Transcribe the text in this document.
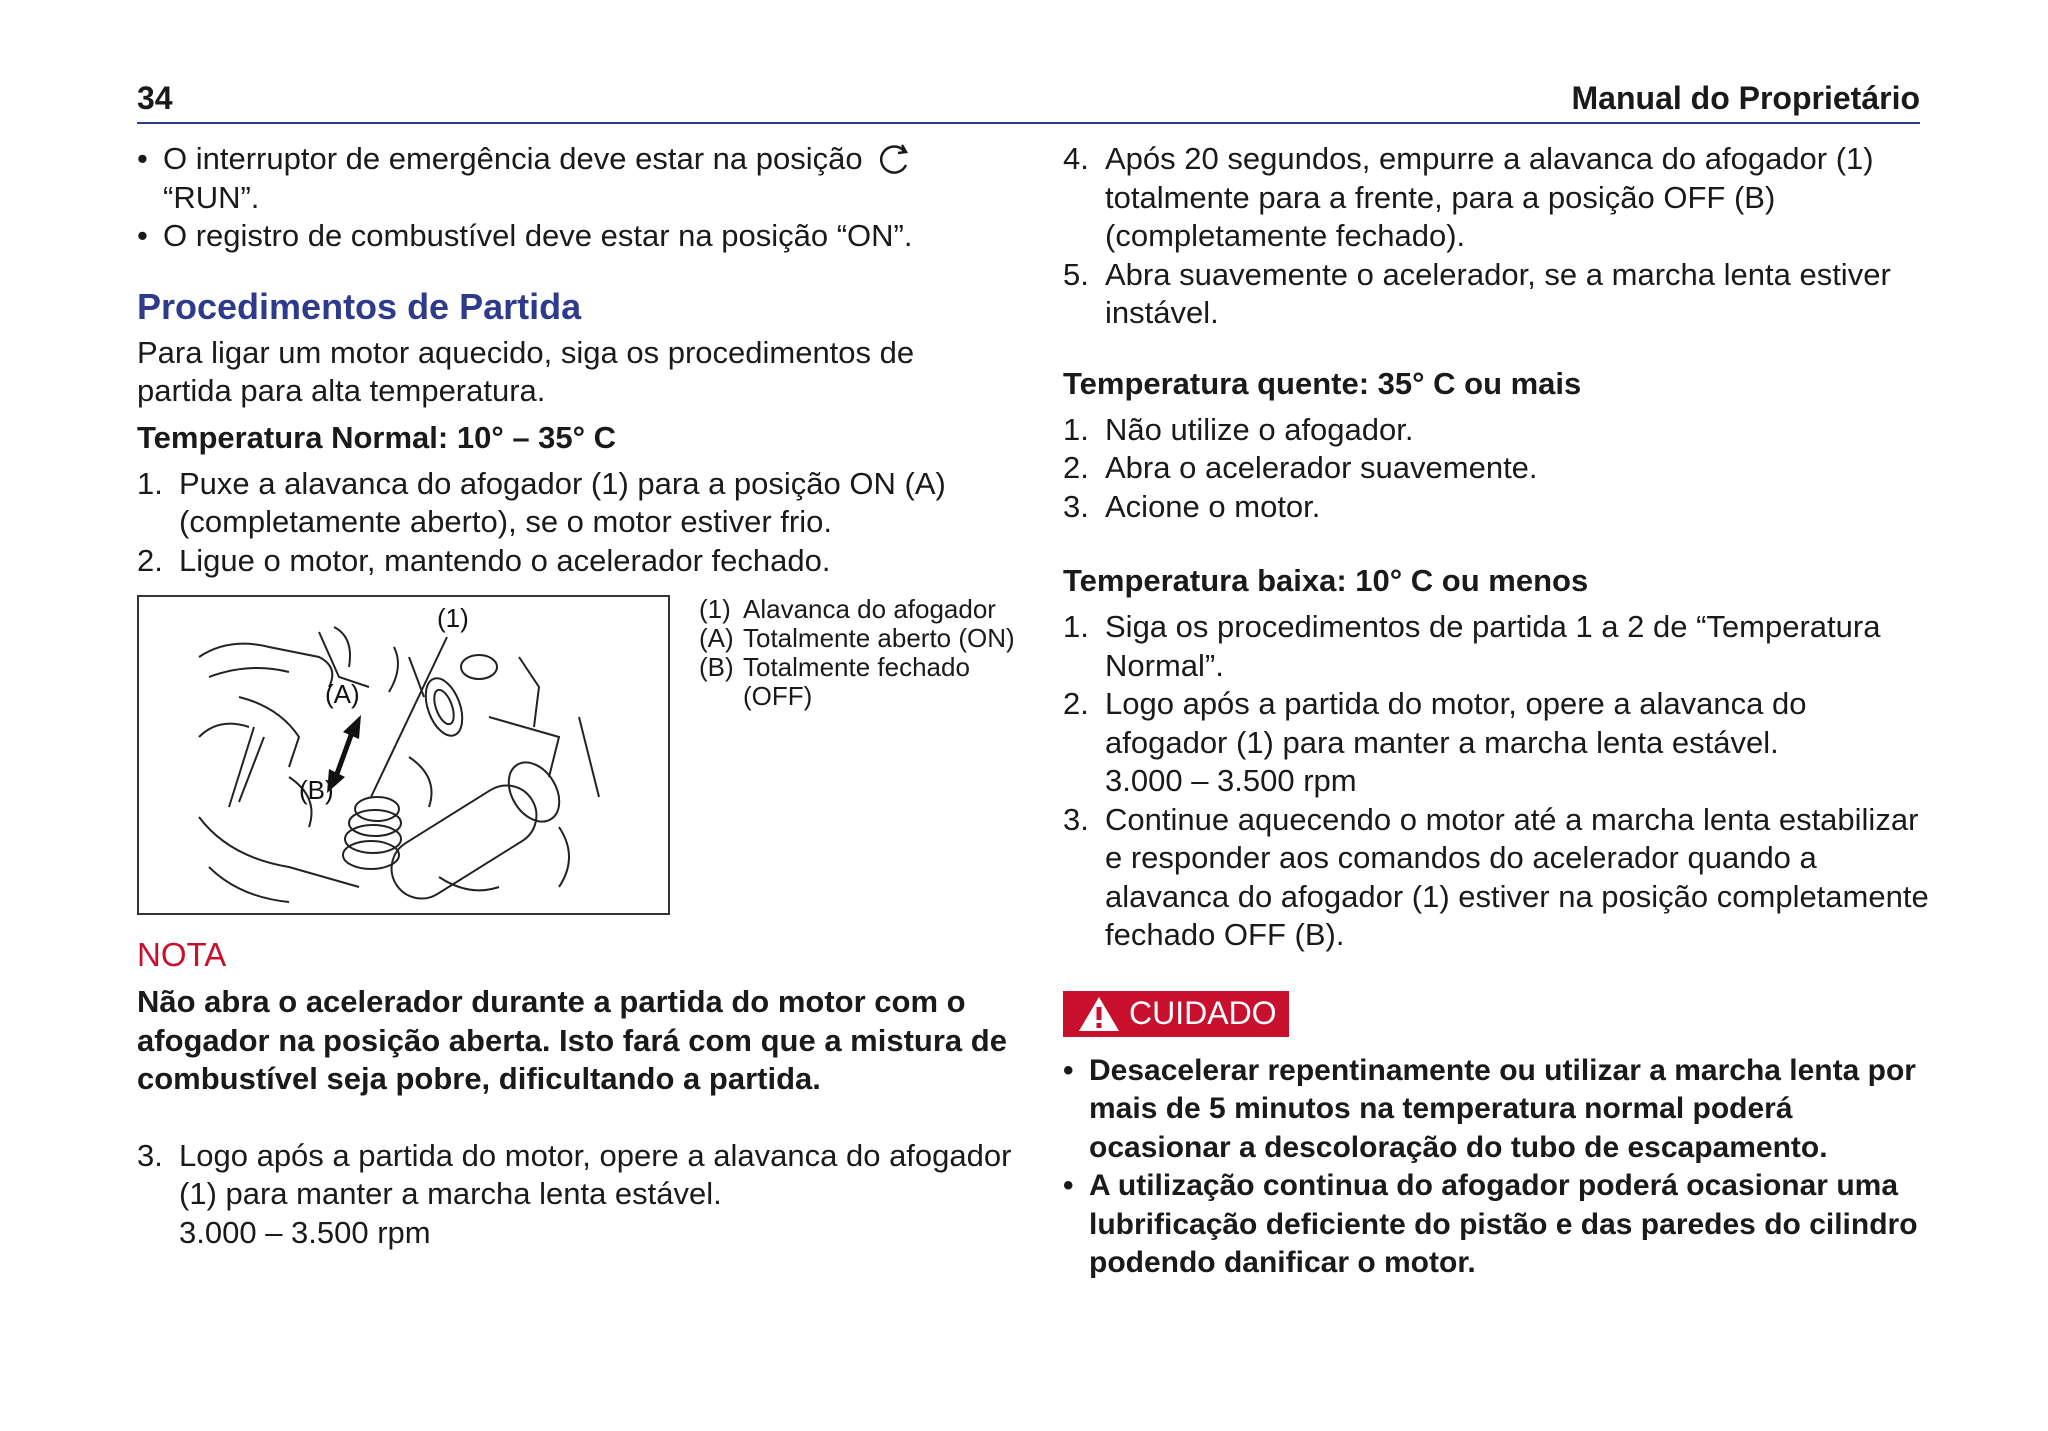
34	Manual do Proprietário
• O interruptor de emergência deve estar na posição
“RUN”.
• O registro de combustível deve estar na posição “ON”.
Procedimentos de Partida
Para ligar um motor aquecido, siga os procedimentos de partida para alta temperatura.
Temperatura Normal: 10° – 35° C
1. Puxe a alavanca do afogador (1) para a posição ON (A) (completamente aberto), se o motor estiver frio.
2. Ligue o motor, mantendo o acelerador fechado.
(1)
(A)
(B)
(1) Alavanca do afogador
(A) Totalmente aberto (ON)
(B) Totalmente fechado (OFF)
NOTA
Não abra o acelerador durante a partida do motor com o afogador na posição aberta. Isto fará com que a mistura de combustível seja pobre, dificultando a partida.
3. Logo após a partida do motor, opere a alavanca do afogador (1) para manter a marcha lenta estável.
3.000 – 3.500 rpm
4. Após 20 segundos, empurre a alavanca do afogador (1) totalmente para a frente, para a posição OFF (B) (completamente fechado).
5. Abra suavemente o acelerador, se a marcha lenta estiver instável.
Temperatura quente: 35° C ou mais
1. Não utilize o afogador.
2. Abra o acelerador suavemente.
3. Acione o motor.
Temperatura baixa: 10° C ou menos
1. Siga os procedimentos de partida 1 a 2 de “Temperatura Normal”.
2. Logo após a partida do motor, opere a alavanca do afogador (1) para manter a marcha lenta estável.
3.000 – 3.500 rpm
3. Continue aquecendo o motor até a marcha lenta estabilizar e responder aos comandos do acelerador quando a alavanca do afogador (1) estiver na posição completamente fechado OFF (B).
CUIDADO
• Desacelerar repentinamente ou utilizar a marcha lenta por mais de 5 minutos na temperatura normal poderá ocasionar a descoloração do tubo de escapamento.
• A utilização continua do afogador poderá ocasionar uma lubrificação deficiente do pistão e das paredes do cilindro podendo danificar o motor.
